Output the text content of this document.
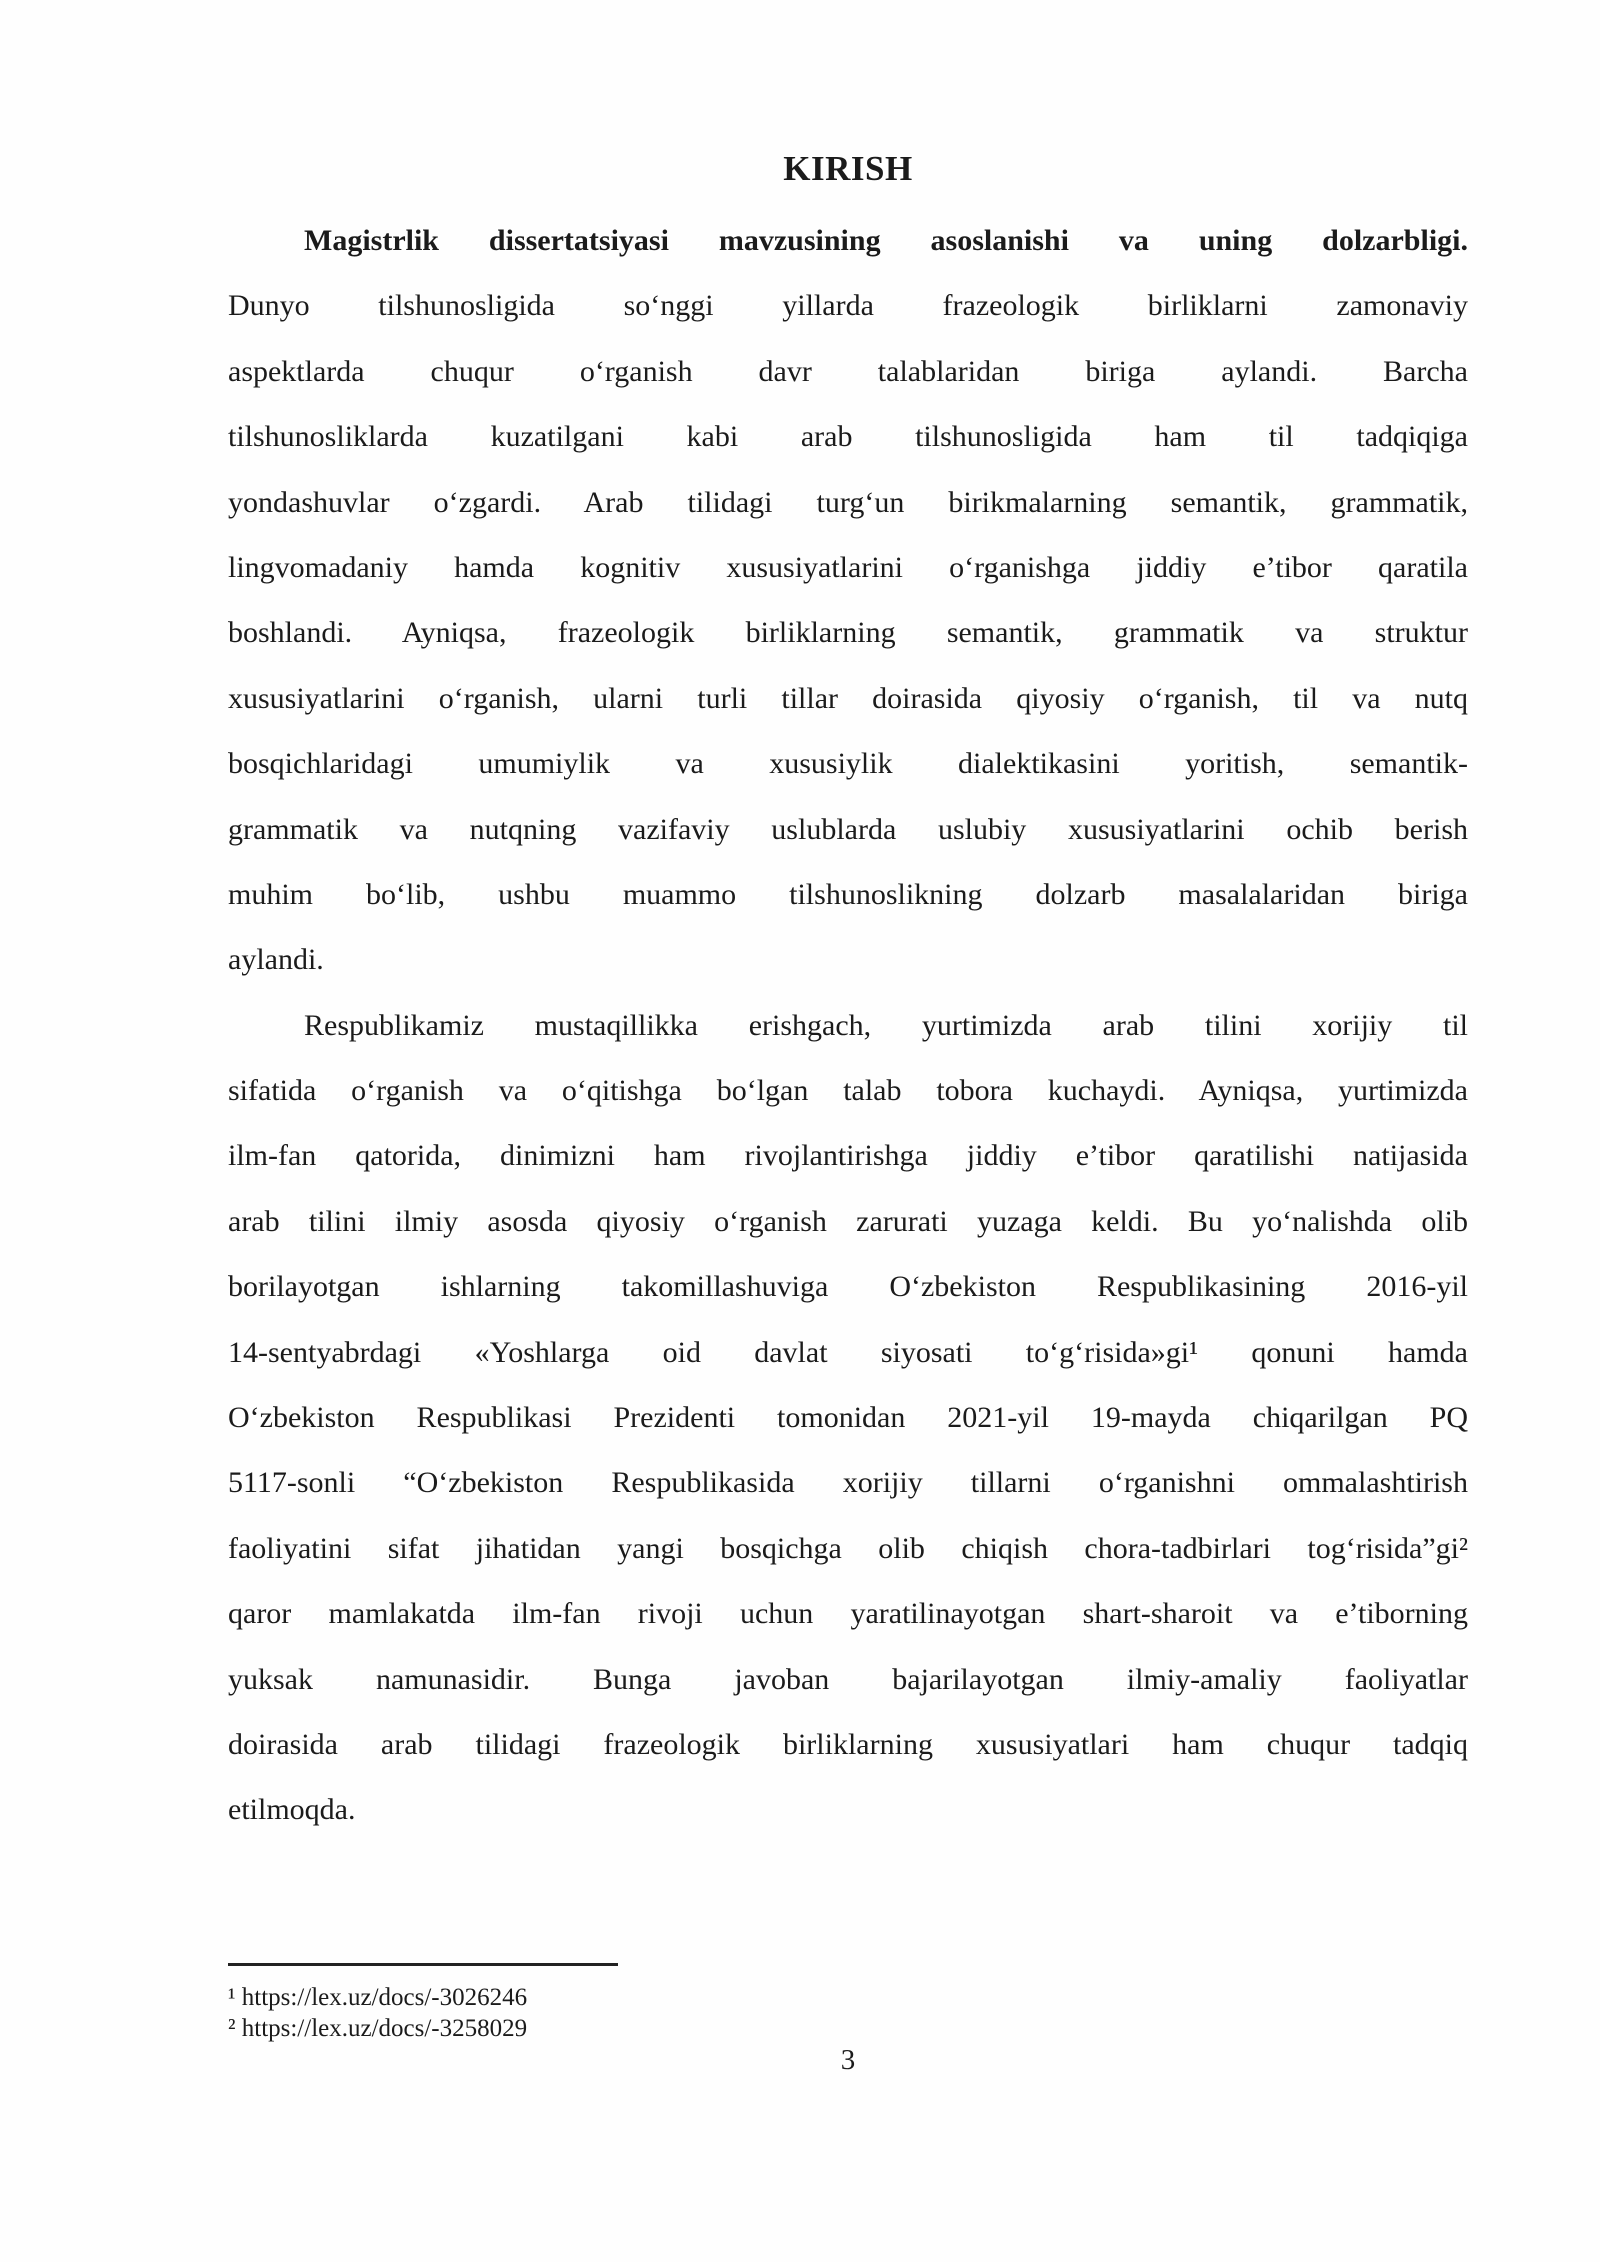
KIRISH
Magistrlik dissertatsiyasi mavzusining asoslanishi va uning dolzarbligi.
Dunyo tilshunosligida so‘nggi yillarda frazeologik birliklarni zamonaviy
aspektlarda chuqur o‘rganish davr talablaridan biriga aylandi. Barcha
tilshunosliklarda kuzatilgani kabi arab tilshunosligida ham til tadqiqiga
yondashuvlar o‘zgardi. Arab tilidagi turg‘un birikmalarning semantik, grammatik,
lingvomadaniy hamda kognitiv xususiyatlarini o‘rganishga jiddiy e’tibor qaratila
boshlandi. Ayniqsa, frazeologik birliklarning semantik, grammatik va struktur
xususiyatlarini o‘rganish, ularni turli tillar doirasida qiyosiy o‘rganish, til va nutq
bosqichlaridagi umumiylik va xususiylik dialektikasini yoritish, semantik-
grammatik va nutqning vazifaviy uslublarda uslubiy xususiyatlarini ochib berish
muhim bo‘lib, ushbu muammo tilshunoslikning dolzarb masalalaridan biriga
aylandi.
Respublikamiz mustaqillikka erishgach, yurtimizda arab tilini xorijiy til
sifatida o‘rganish va o‘qitishga bo‘lgan talab tobora kuchaydi. Ayniqsa, yurtimizda
ilm-fan qatorida, dinimizni ham rivojlantirishga jiddiy e’tibor qaratilishi natijasida
arab tilini ilmiy asosda qiyosiy o‘rganish zarurati yuzaga keldi. Bu yo‘nalishda olib
borilayotgan ishlarning takomillashuviga O‘zbekiston Respublikasining 2016-yil
14-sentyabrdagi «Yoshlarga oid davlat siyosati to‘g‘risida»gi¹ qonuni hamda
O‘zbekiston Respublikasi Prezidenti tomonidan 2021-yil 19-mayda chiqarilgan PQ
5117-sonli “O‘zbekiston Respublikasida xorijiy tillarni o‘rganishni ommalashtirish
faoliyatini sifat jihatidan yangi bosqichga olib chiqish chora-tadbirlari tog‘risida”gi²
qaror mamlakatda ilm-fan rivoji uchun yaratilinayotgan shart-sharoit va e’tiborning
yuksak namunasidir. Bunga javoban bajarilayotgan ilmiy-amaliy faoliyatlar
doirasida arab tilidagi frazeologik birliklarning xususiyatlari ham chuqur tadqiq
etilmoqda.
¹ https://lex.uz/docs/-3026246
² https://lex.uz/docs/-3258029
3
